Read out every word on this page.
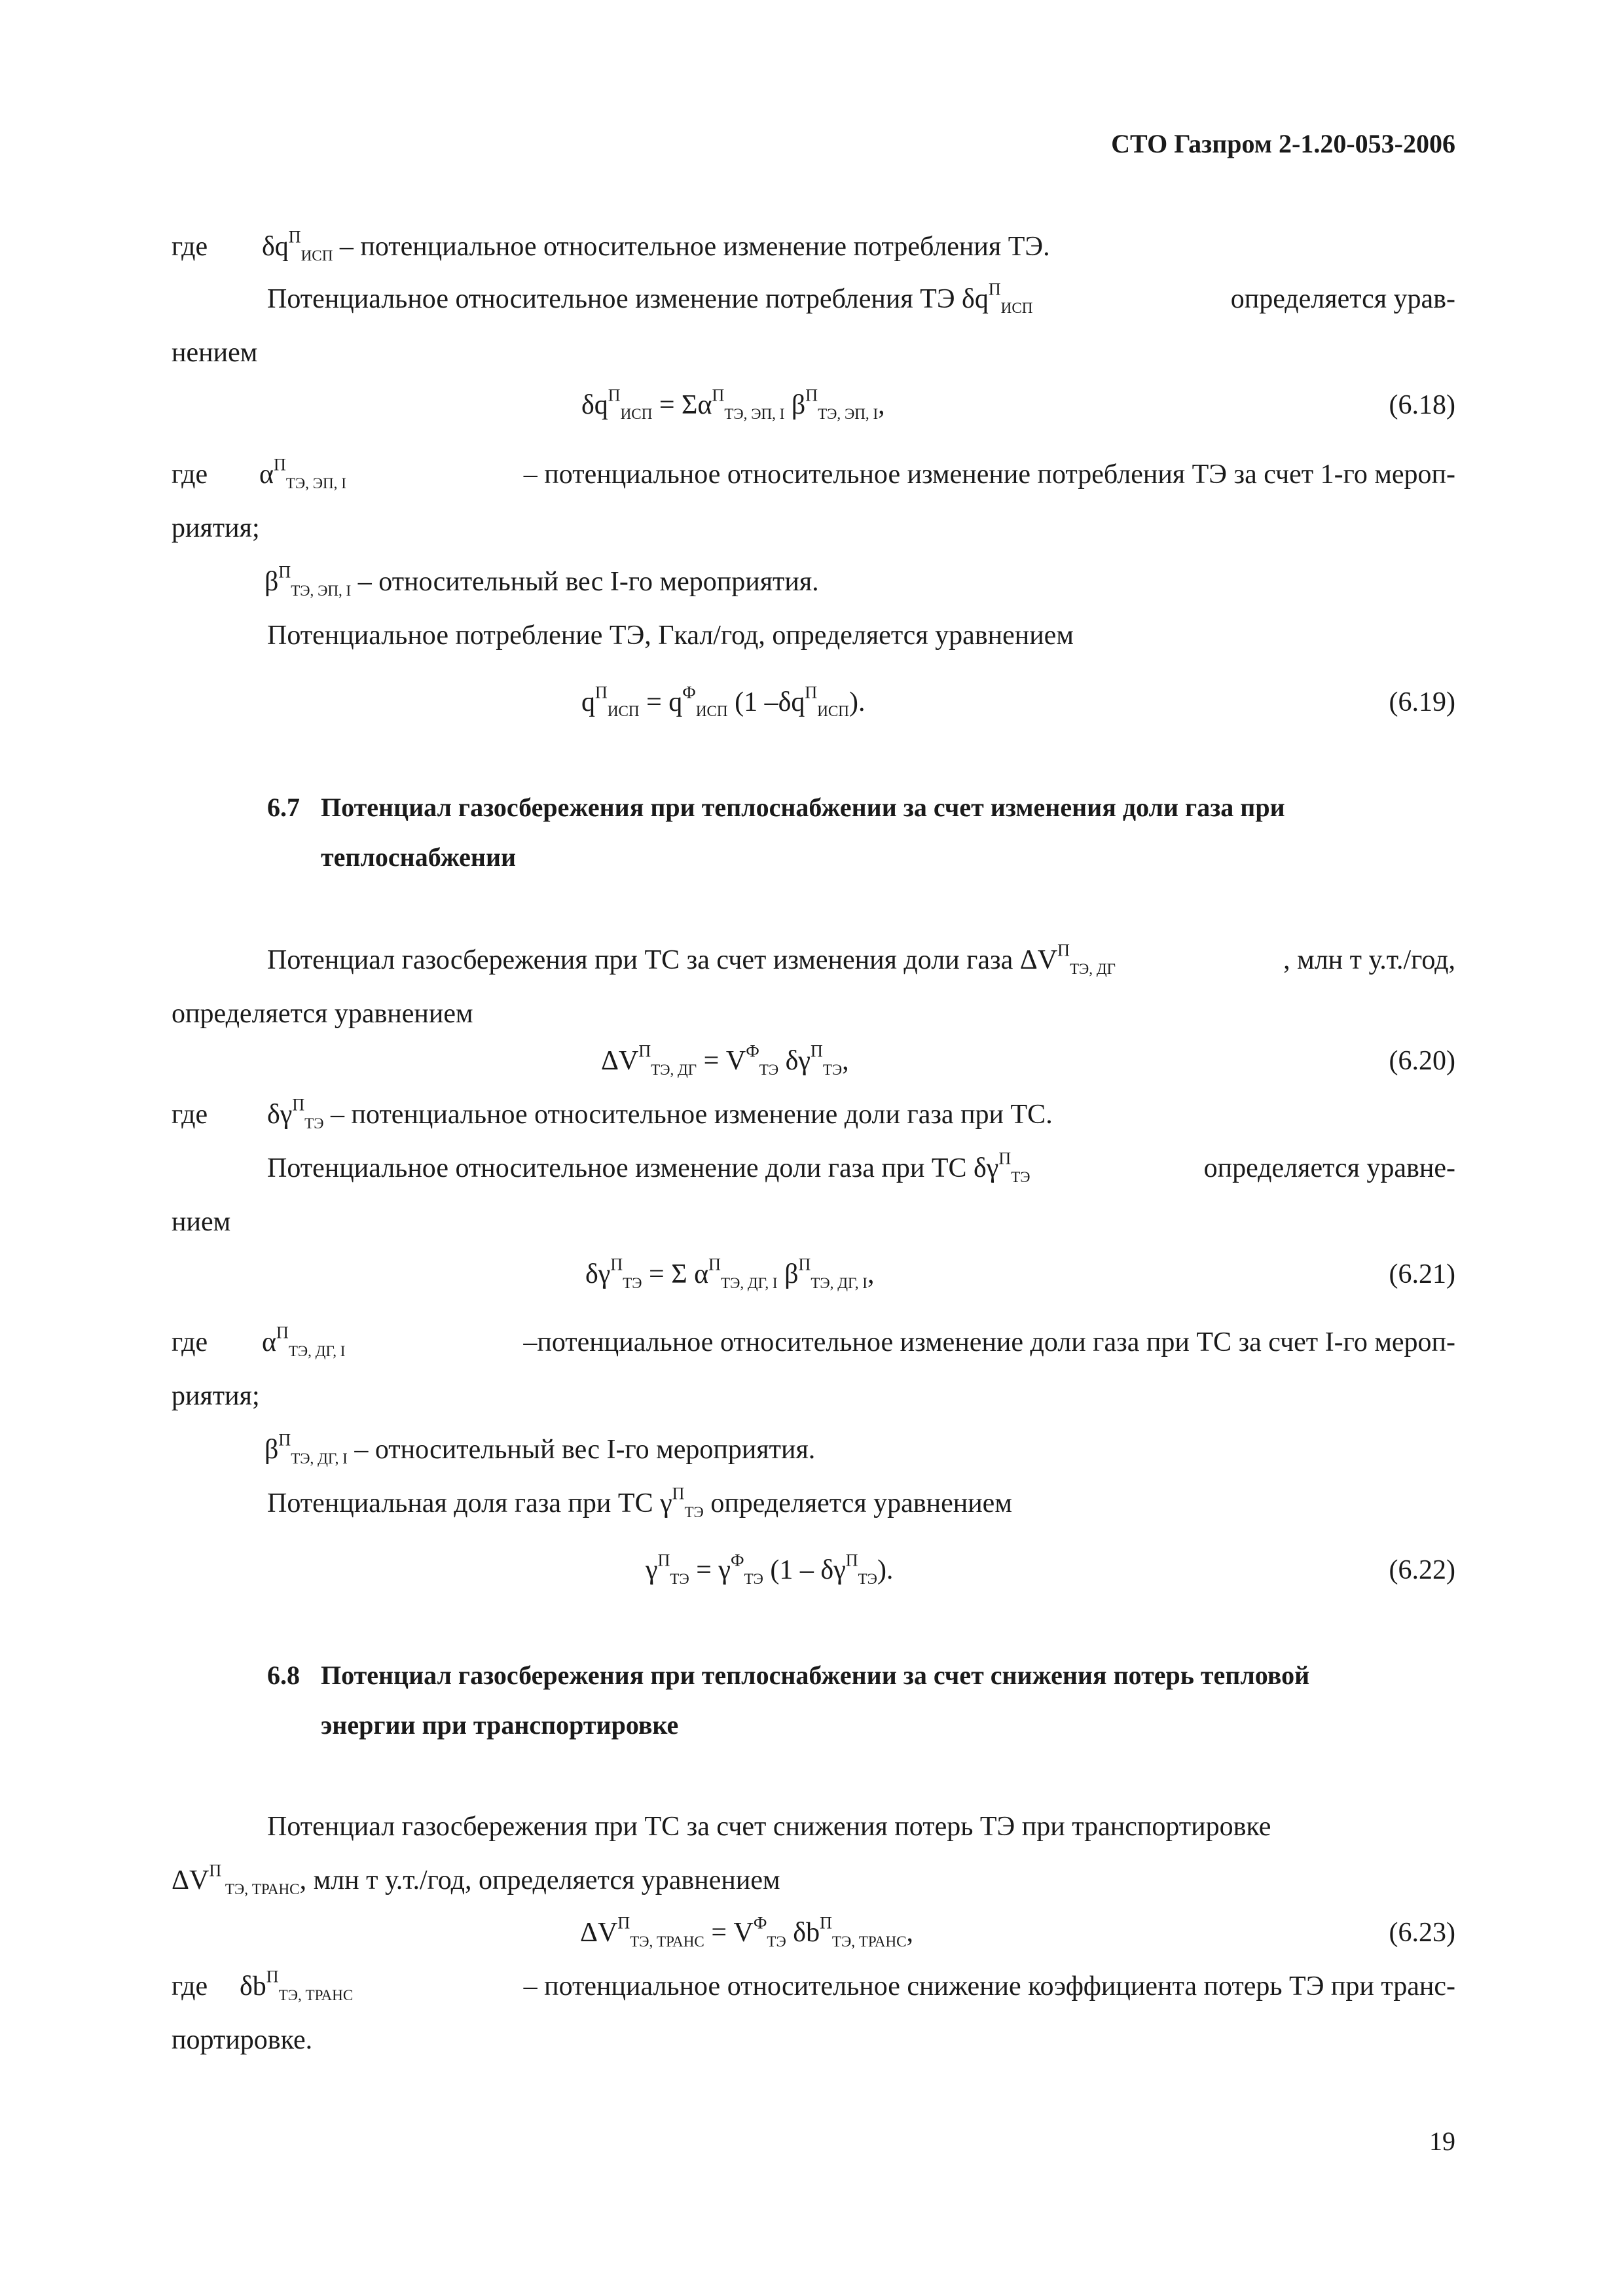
СТО Газпром 2-1.20-053-2006
где $\delta q^П_{ИСП}$ – потенциальное относительное изменение потребления ТЭ.
Потенциальное относительное изменение потребления ТЭ $\delta q^П_{ИСП}$	определяется урав-
нением
$\delta q^П_{ИСП} = \Sigma\alpha^П_{ТЭ, ЭП, I}$ $\beta^П_{ТЭ, ЭП, I}$,	(6.18)
где $\alpha^П_{ТЭ, ЭП, I}$	– потенциальное относительное изменение потребления ТЭ за счет 1-го мероп-
риятия;
$\beta^П_{ТЭ, ЭП, I}$ – относительный вес I-го мероприятия.
Потенциальное потребление ТЭ, Гкал/год, определяется уравнением
$q^П_{ИСП} = q^Ф_{ИСП}$ (1 $-\delta q^П_{ИСП}$).	(6.19)
6.7 Потенциал газосбережения при теплоснабжении за счет изменения доли газа при
теплоснабжении
Потенциал газосбережения при ТС за счет изменения доли газа $\Delta V^П_{ТЭ, ДГ}$	, млн т у.т./год,
определяется уравнением
$\Delta V^П_{ТЭ, ДГ} = V^Ф_{ТЭ}$ $\delta\gamma^П_{ТЭ}$,	(6.20)
где $\delta\gamma^П_{ТЭ}$ – потенциальное относительное изменение доли газа при ТС.
Потенциальное относительное изменение доли газа при ТС $\delta\gamma^П_{ТЭ}$	определяется уравне-
нием
$\delta\gamma^П_{ТЭ} = \Sigma$ $\alpha^П_{ТЭ, ДГ, I}$ $\beta^П_{ТЭ, ДГ, I}$,	(6.21)
где $\alpha^П_{ТЭ, ДГ, I}$	–потенциальное относительное изменение доли газа при ТС за счет I-го мероп-
риятия;
$\beta^П_{ТЭ, ДГ, I}$ – относительный вес I-го мероприятия.
Потенциальная доля газа при ТС $\gamma^П_{ТЭ}$ определяется уравнением
$\gamma^П_{ТЭ} = \gamma^Ф_{ТЭ}$ $(1 - \delta\gamma^П_{ТЭ})$.	(6.22)
6.8 Потенциал газосбережения при теплоснабжении за счет снижения потерь тепловой
энергии при транспортировке
Потенциал газосбережения при ТС за счет снижения потерь ТЭ при транспортировке
$\Delta V^П$ $_{ТЭ, ТРАНС}$, млн т у.т./год, определяется уравнением
$\Delta V^П_{ТЭ, ТРАНС} = V^Ф_{ТЭ}$ $\delta b^П_{ТЭ, ТРАНС}$,	(6.23)
где $\delta b^П_{ТЭ, ТРАНС}$	– потенциальное относительное снижение коэффициента потерь ТЭ при транс-
портировке.
19
